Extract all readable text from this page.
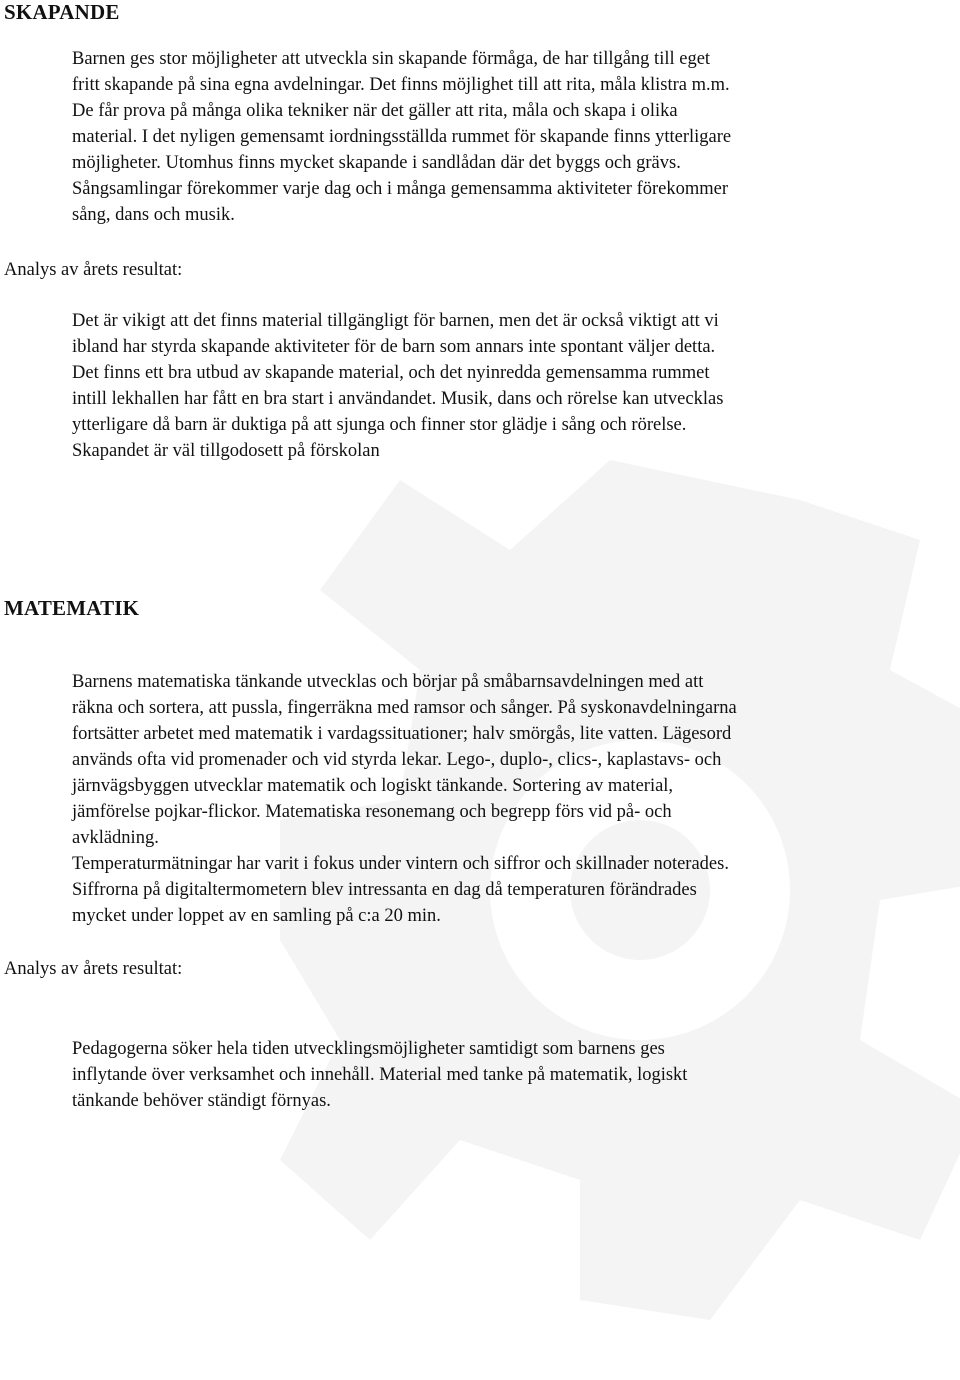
SKAPANDE
Barnen ges stor möjligheter att utveckla sin skapande förmåga, de har tillgång till eget
fritt skapande på sina egna avdelningar. Det finns möjlighet till att rita, måla klistra m.m.
De får prova på många olika tekniker när det gäller att rita, måla och skapa i olika
material. I det nyligen gemensamt iordningsställda rummet för skapande finns ytterligare
möjligheter. Utomhus finns mycket skapande i sandlådan där det byggs och grävs.
Sångsamlingar förekommer varje dag och i många gemensamma aktiviteter förekommer
sång, dans och musik.

Analys av årets resultat:

Det är vikigt att det finns material tillgängligt för barnen, men det är också viktigt att vi
ibland har styrda skapande aktiviteter för de barn som annars inte spontant väljer detta.
Det finns ett bra utbud av skapande material, och det nyinredda gemensamma rummet
intill lekhallen har fått en bra start i användandet. Musik, dans och rörelse kan utvecklas
ytterligare då barn är duktiga på att sjunga och finner stor glädje i sång och rörelse.
Skapandet är väl tillgodosett på förskolan
MATEMATIK
Barnens matematiska tänkande utvecklas och börjar på småbarnsavdelningen med att
räkna och sortera, att pussla, fingerräkna med ramsor och sånger. På syskonavdelningarna
fortsätter arbetet med matematik i vardagssituationer; halv smörgås, lite vatten. Lägesord
används ofta vid promenader och vid styrda lekar. Lego-, duplo-, clics-, kaplastavs- och
järnvägsbyggen utvecklar matematik och logiskt tänkande. Sortering av material,
jämförelse pojkar-flickor. Matematiska resonemang och begrepp förs vid på- och
avklädning.
Temperaturmätningar har varit i fokus under vintern och siffror och skillnader noterades.
Siffrorna på digitaltermometern blev intressanta en dag då temperaturen förändrades
mycket under loppet av en samling på c:a 20 min.

Analys av årets resultat:

Pedagogerna söker hela tiden utvecklingsmöjligheter samtidigt som barnens ges
inflytande över verksamhet och innehåll. Material med tanke på matematik, logiskt
tänkande behöver ständigt förnyas.
